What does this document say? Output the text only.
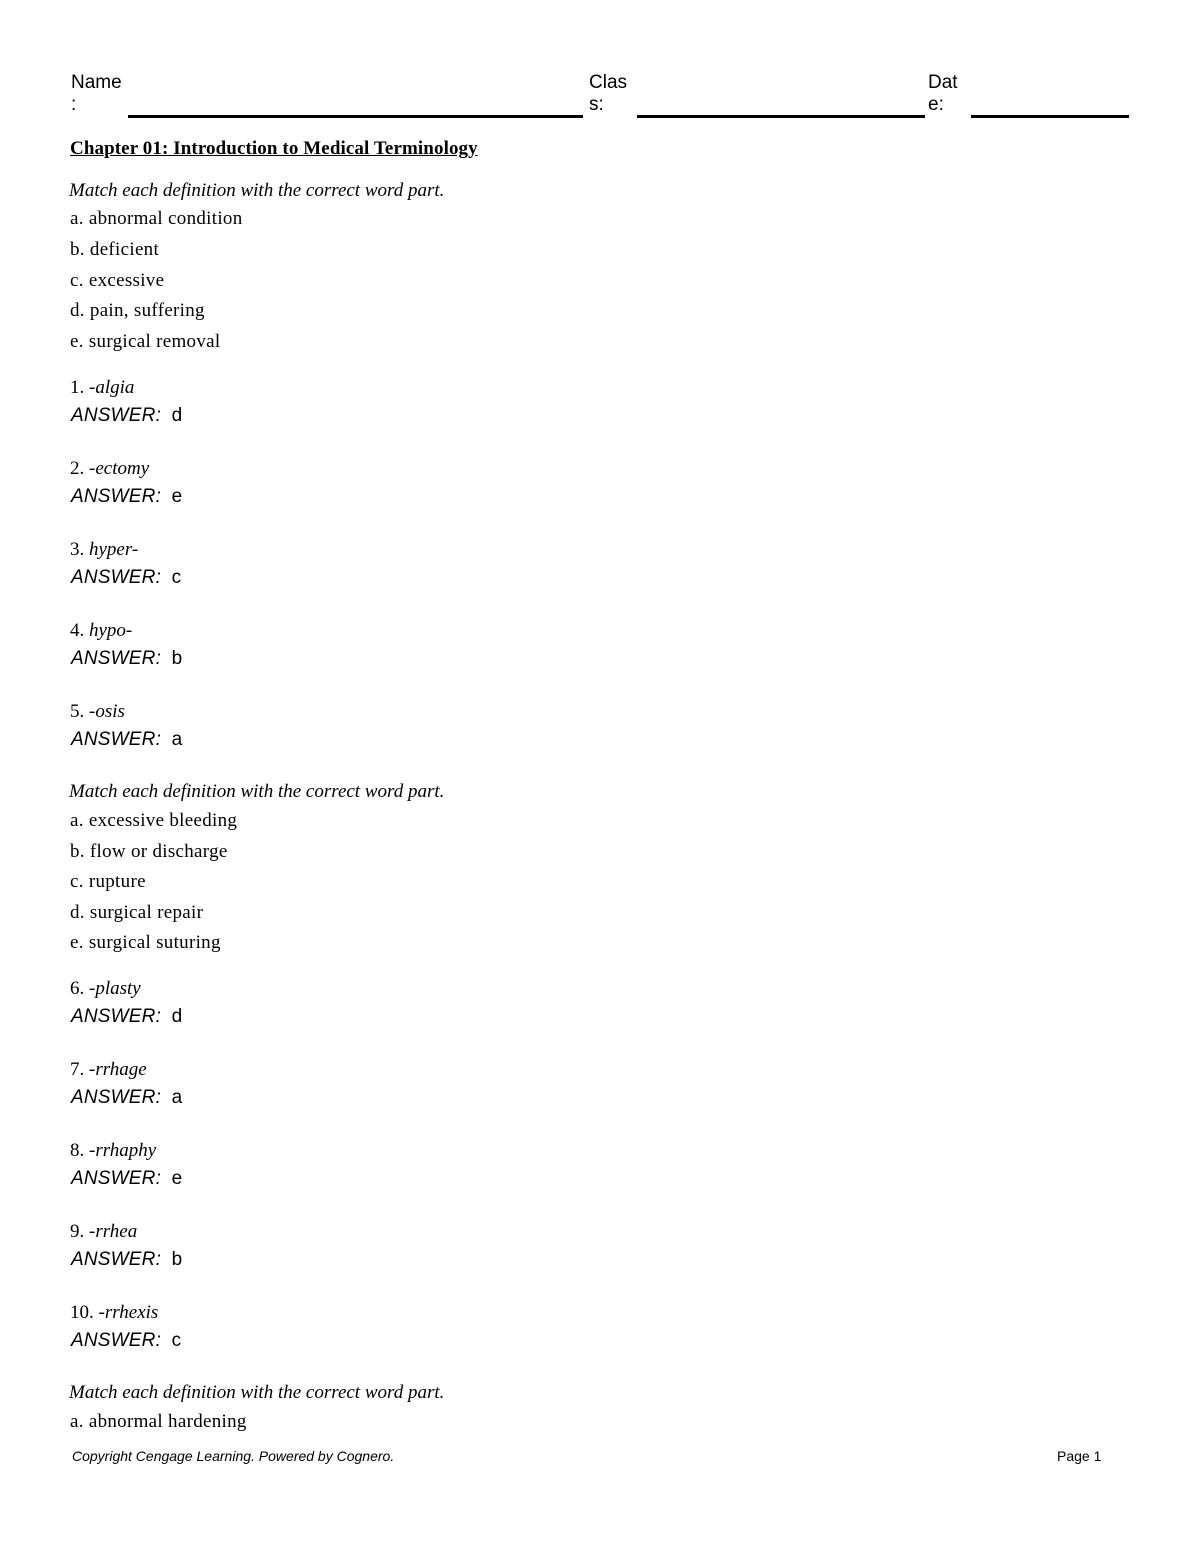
Name
:
Clas
s:
Dat
e:
Chapter 01: Introduction to Medical Terminology
Match each definition with the correct word part.
a. abnormal condition
b. deficient
c. excessive
d. pain, suffering
e. surgical removal
1. -algia
ANSWER: d
2. -ectomy
ANSWER: e
3. hyper-
ANSWER: c
4. hypo-
ANSWER: b
5. -osis
ANSWER: a
Match each definition with the correct word part.
a. excessive bleeding
b. flow or discharge
c. rupture
d. surgical repair
e. surgical suturing
6. -plasty
ANSWER: d
7. -rrhage
ANSWER: a
8. -rrhaphy
ANSWER: e
9. -rrhea
ANSWER: b
10. -rrhexis
ANSWER: c
Match each definition with the correct word part.
a. abnormal hardening
Copyright Cengage Learning. Powered by Cognero.	Page 1
